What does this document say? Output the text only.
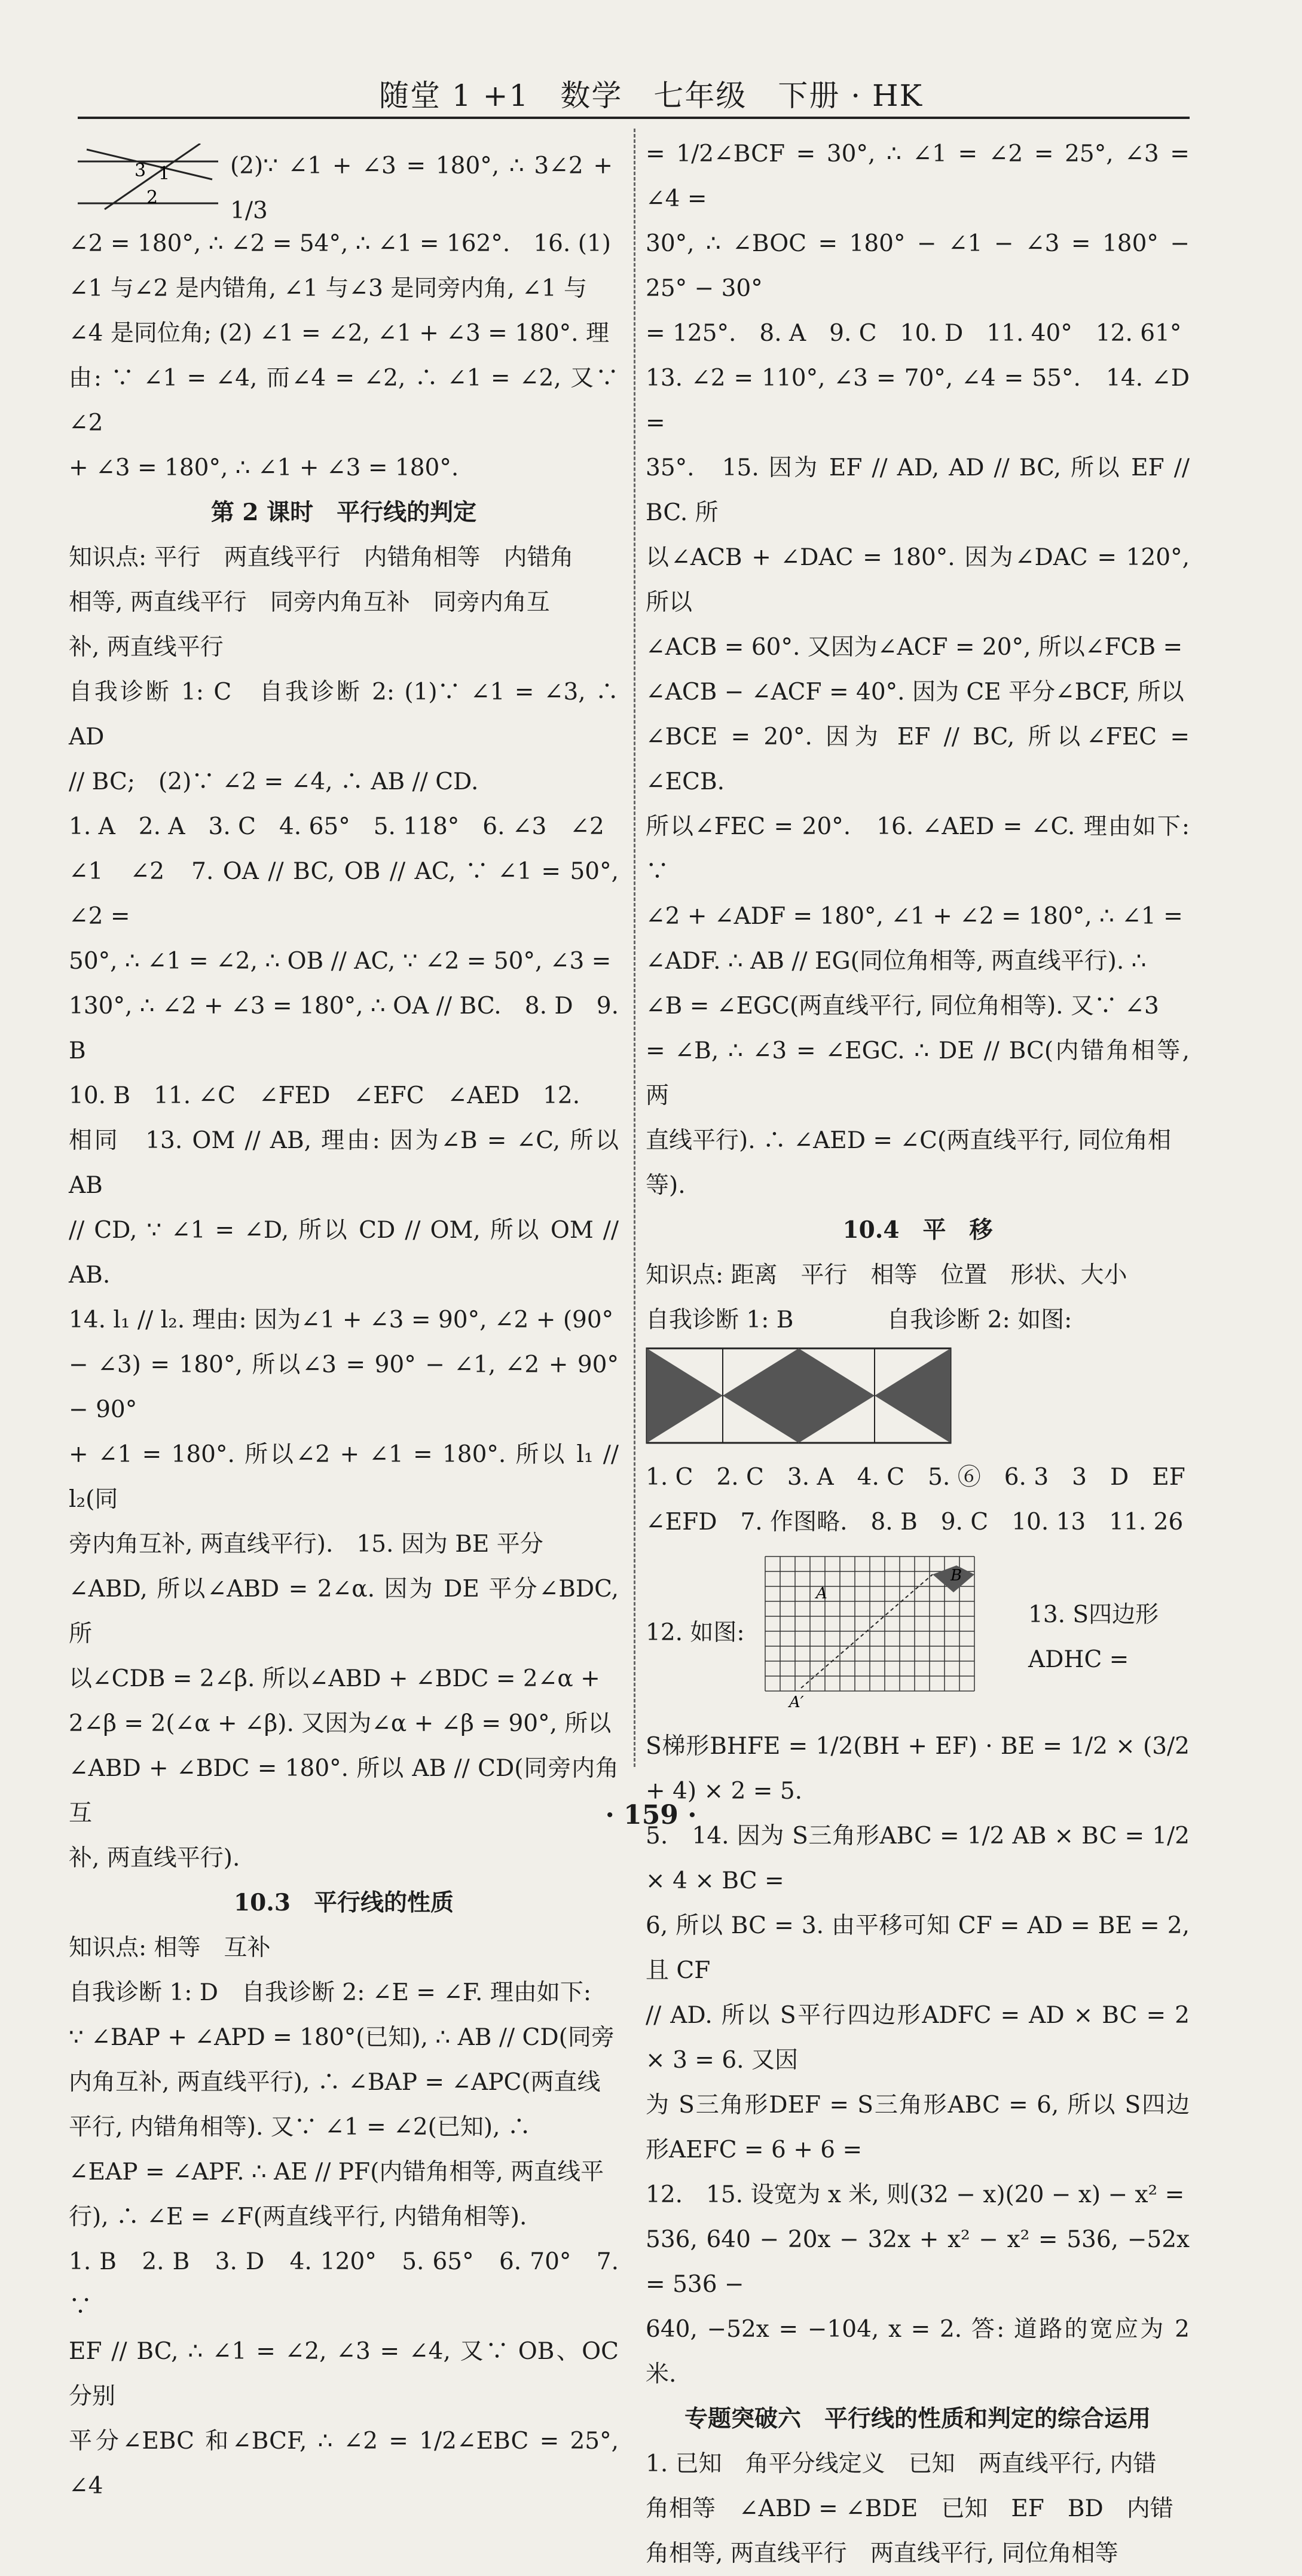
随堂 1 +1　数学　七年级　下册 · HK
3 1
2

(2)∵ ∠1 + ∠3 = 180°, ∴ 3∠2 + 1/3

∠2 = 180°, ∴ ∠2 = 54°, ∴ ∠1 = 162°.　16. (1)

∠1 与∠2 是内错角, ∠1 与∠3 是同旁内角, ∠1 与

∠4 是同位角; (2) ∠1 = ∠2, ∠1 + ∠3 = 180°. 理

由: ∵ ∠1 = ∠4, 而∠4 = ∠2, ∴ ∠1 = ∠2, 又∵ ∠2

+ ∠3 = 180°, ∴ ∠1 + ∠3 = 180°.

第 2 课时　平行线的判定

知识点: 平行　两直线平行　内错角相等　内错角

相等, 两直线平行　同旁内角互补　同旁内角互

补, 两直线平行

自我诊断 1: C　自我诊断 2: (1)∵ ∠1 = ∠3, ∴ AD

// BC;　(2)∵ ∠2 = ∠4, ∴ AB // CD.

1. A　2. A　3. C　4. 65°　5. 118°　6. ∠3　∠2

∠1　∠2　7. OA // BC, OB // AC, ∵ ∠1 = 50°, ∠2 =

50°, ∴ ∠1 = ∠2, ∴ OB // AC, ∵ ∠2 = 50°, ∠3 =

130°, ∴ ∠2 + ∠3 = 180°, ∴ OA // BC.　8. D　9. B

10. B　11. ∠C　∠FED　∠EFC　∠AED　12.

相同　13. OM // AB, 理由: 因为∠B = ∠C, 所以 AB

// CD, ∵ ∠1 = ∠D, 所以 CD // OM, 所以 OM // AB.

14. l₁ // l₂. 理由: 因为∠1 + ∠3 = 90°, ∠2 + (90°

− ∠3) = 180°, 所以∠3 = 90° − ∠1, ∠2 + 90° − 90°

+ ∠1 = 180°. 所以∠2 + ∠1 = 180°. 所以 l₁ // l₂(同

旁内角互补, 两直线平行).　15. 因为 BE 平分

∠ABD, 所以∠ABD = 2∠α. 因为 DE 平分∠BDC, 所

以∠CDB = 2∠β. 所以∠ABD + ∠BDC = 2∠α +

2∠β = 2(∠α + ∠β). 又因为∠α + ∠β = 90°, 所以

∠ABD + ∠BDC = 180°. 所以 AB // CD(同旁内角互

补, 两直线平行).

10.3　平行线的性质

知识点: 相等　互补

自我诊断 1: D　自我诊断 2: ∠E = ∠F. 理由如下:

∵ ∠BAP + ∠APD = 180°(已知), ∴ AB // CD(同旁

内角互补, 两直线平行), ∴ ∠BAP = ∠APC(两直线

平行, 内错角相等). 又∵ ∠1 = ∠2(已知), ∴

∠EAP = ∠APF. ∴ AE // PF(内错角相等, 两直线平

行), ∴ ∠E = ∠F(两直线平行, 内错角相等).

1. B　2. B　3. D　4. 120°　5. 65°　6. 70°　7. ∵

EF // BC, ∴ ∠1 = ∠2, ∠3 = ∠4, 又∵ OB、OC 分别

平分∠EBC 和∠BCF, ∴ ∠2 = 1/2∠EBC = 25°, ∠4

= 1/2∠BCF = 30°, ∴ ∠1 = ∠2 = 25°, ∠3 = ∠4 =

30°, ∴ ∠BOC = 180° − ∠1 − ∠3 = 180° − 25° − 30°

= 125°.　8. A　9. C　10. D　11. 40°　12. 61°

13. ∠2 = 110°, ∠3 = 70°, ∠4 = 55°.　14. ∠D =

35°.　15. 因为 EF // AD, AD // BC, 所以 EF // BC. 所

以∠ACB + ∠DAC = 180°. 因为∠DAC = 120°, 所以

∠ACB = 60°. 又因为∠ACF = 20°, 所以∠FCB =

∠ACB − ∠ACF = 40°. 因为 CE 平分∠BCF, 所以

∠BCE = 20°. 因为 EF // BC, 所以∠FEC = ∠ECB.

所以∠FEC = 20°.　16. ∠AED = ∠C. 理由如下: ∵

∠2 + ∠ADF = 180°, ∠1 + ∠2 = 180°, ∴ ∠1 =

∠ADF. ∴ AB // EG(同位角相等, 两直线平行). ∴

∠B = ∠EGC(两直线平行, 同位角相等). 又∵ ∠3

= ∠B, ∴ ∠3 = ∠EGC. ∴ DE // BC(内错角相等, 两

直线平行). ∴ ∠AED = ∠C(两直线平行, 同位角相

等).

10.4　平　移

知识点: 距离　平行　相等　位置　形状、大小

自我诊断 1: B　　　　自我诊断 2: 如图:

1. C　2. C　3. A　4. C　5. ⑥　6. 3　3　D　EF

∠EFD　7. 作图略.　8. B　9. C　10. 13　11. 26

12. 如图:
A
B
A′
13. S四边形ADHC =

S梯形BHFE = 1/2(BH + EF) · BE = 1/2 × (3/2 + 4) × 2 = 5.

5.　14. 因为 S三角形ABC = 1/2 AB × BC = 1/2 × 4 × BC =

6, 所以 BC = 3. 由平移可知 CF = AD = BE = 2, 且 CF

// AD. 所以 S平行四边形ADFC = AD × BC = 2 × 3 = 6. 又因

为 S三角形DEF = S三角形ABC = 6, 所以 S四边形AEFC = 6 + 6 =

12.　15. 设宽为 x 米, 则(32 − x)(20 − x) − x² =

536, 640 − 20x − 32x + x² − x² = 536, −52x = 536 −

640, −52x = −104, x = 2. 答: 道路的宽应为 2 米.

专题突破六　平行线的性质和判定的综合运用

1. 已知　角平分线定义　已知　两直线平行, 内错

角相等　∠ABD = ∠BDE　已知　EF　BD　内错

角相等, 两直线平行　两直线平行, 同位角相等

· 159 ·
